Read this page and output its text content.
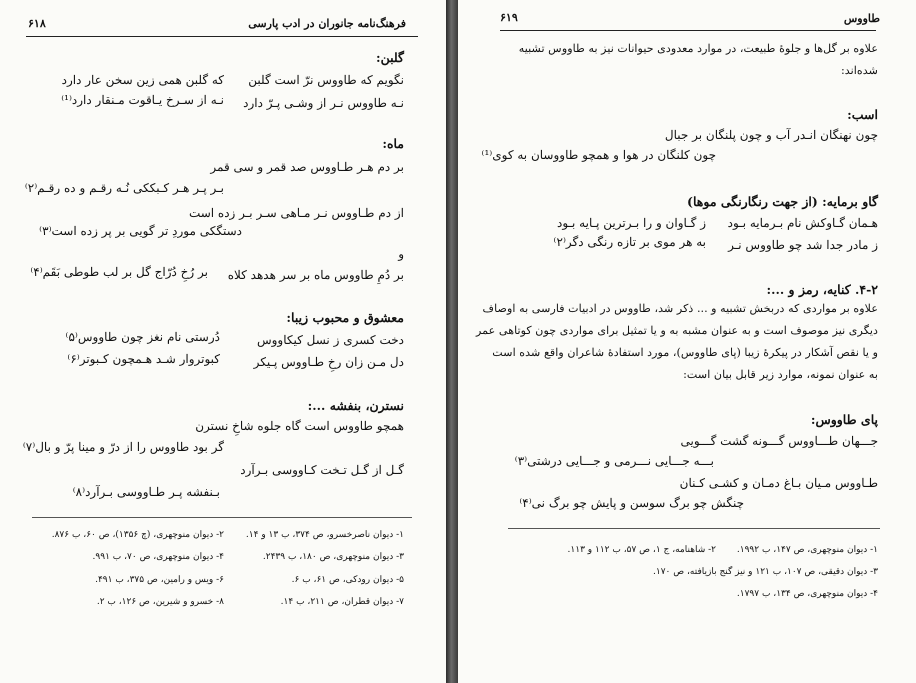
۶۱۸	فرهنگ‌نامه جانوران در ادب پارسی
گلبن:
نگویم که طاووس نرّ است گلبن
که گلبن همی زین سخن عار دارد
نـه طاووس نـر از وشـی پـرّ دارد
نـه از سـرخ یـاقوت مـنقار دارد⁽¹⁾
ماه:
بر دم هـر طـاووس صد قمر و سی قمر
بـر پـر هـر کـبککی نُـه رقـم و ده رقـم⁽۲⁾
از دم طـاووس نـر مـاهی سـر بـر زده است
دستگکی موردِ تر گویی بر پر زده است⁽۳⁾
و
بر دُمِ طاووس ماه بر سر هدهد کلاه
بر رُخِ دُرّاج گل بر لب طوطی بَقَم⁽۴⁾
معشوق و محبوب زیبا:
دخت کسری ز نسل کیکاووس
دُرستی نام نغز چون طاووس⁽۵⁾
دل مـن زان رخِ طـاووس پـیکر
کبوتروار شـد هـمچون کـبوتر⁽۶⁾
نسترن، بنفشه ...:
همچو طاووس است گاه جلوه شاخِ نسترن
گر بود طاووس را از درّ و مینا پرّ و بال⁽۷⁾
گـل از گـل تـخت کـاووسی بـرآرد
بـنفشه پـر طـاووسی بـرآرد⁽۸⁾
۱- دیوان ناصرخسرو، ص ۳۷۴، ب ۱۳ و ۱۴.
۲- دیوان منوچهری، (چ ۱۳۵۶)، ص ۶۰، ب ۸۷۶.
۳- دیوان منوچهری، ص ۱۸۰، ب ۲۴۳۹.
۴- دیوان منوچهری، ص ۷۰، ب ۹۹۱.
۵- دیوان رودکی، ص ۶۱، ب ۶.
۶- ویس و رامین، ص ۳۷۵، ب ۴۹۱.
۷- دیوان قطران، ص ۲۱۱، ب ۱۴.
۸- خسرو و شیرین، ص ۱۲۶، ب ۲.
طاووس
۶۱۹
علاوه بر گل‌ها و جلوهٔ طبیعت، در موارد معدودی حیوانات نیز به طاووس تشبیه
شده‌اند:
اسب:
چون نهنگان انـدر آب و چون پلنگان بر جبال
چون کلنگان در هوا و همچو طاووسان به کوی⁽¹⁾
گاو برمایه: (از جهت رنگارنگی موها)
هـمان گـاوکش نام بـرمایه بـود
ز گـاوان و را بـرترین پـایه بـود
ز مادر جدا شد چو طاووس نـر
به هر موی بر تازه رنگی دگر⁽۲⁾
۴-۲. کنایه، رمز و ...:
علاوه بر مواردی که دربخش تشبیه و ... ذکر شد، طاووس در ادبیات فارسی به اوصاف
دیگری نیز موصوف است و به عنوان مشبه به و یا تمثیل برای مواردی چون کوتاهی عمر
و یا نقص آشکار در پیکرهٔ زیبا (پای طاووس)، مورد استفادهٔ شاعران واقع شده است
به عنوان نمونه، موارد زیر قابل بیان است:
پای طاووس:
جـــهان طـــاووس گـــونه گشت گـــویی
بـــه جـــایی نـــرمی و جـــایی درشتی⁽۳⁾
طـاووس مـیان بـاغ دمـان و کشـی کـنان
چنگش چو برگ سوسن و پایش چو برگ نی⁽۴⁾
۱- دیوان منوچهری، ص ۱۴۷، ب ۱۹۹۲.
۲- شاهنامه، ج ۱، ص ۵۷، ب ۱۱۲ و ۱۱۳.
۳- دیوان دقیقی، ص ۱۰۷، ب ۱۲۱ و نیز گنج بازیافته، ص ۱۷۰.
۴- دیوان منوچهری، ص ۱۳۴، ب ۱۷۹۷.
